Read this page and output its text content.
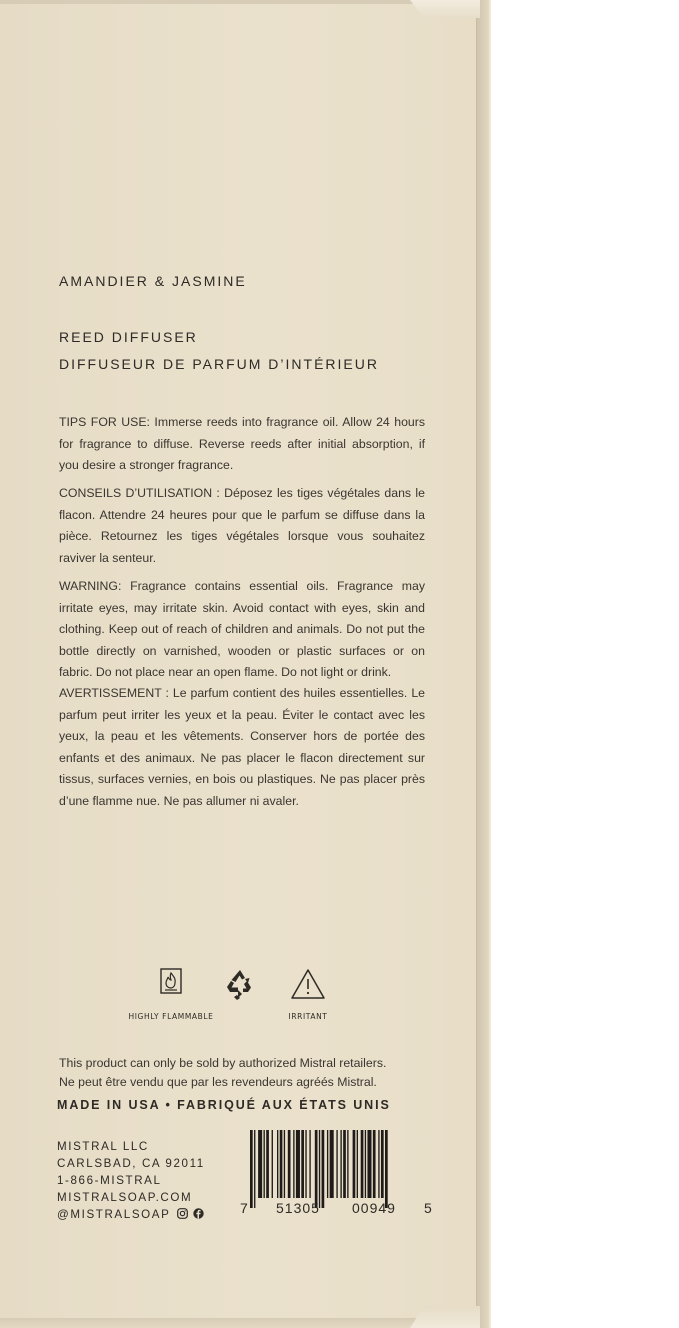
AMANDIER & JASMINE
REED DIFFUSER
DIFFUSEUR DE PARFUM D’INTÉRIEUR
TIPS FOR USE: Immerse reeds into fragrance oil. Allow 24 hours for fragrance to diffuse. Reverse reeds after initial absorption, if you desire a stronger fragrance.
CONSEILS D’UTILISATION : Déposez les tiges végétales dans le flacon. Attendre 24 heures pour que le parfum se diffuse dans la pièce. Retournez les tiges végétales lorsque vous souhaitez raviver la senteur.
WARNING: Fragrance contains essential oils. Fragrance may irritate eyes, may irritate skin. Avoid contact with eyes, skin and clothing. Keep out of reach of children and animals. Do not put the bottle directly on varnished, wooden or plastic surfaces or on fabric. Do not place near an open flame. Do not light or drink.
AVERTISSEMENT : Le parfum contient des huiles essentielles. Le parfum peut irriter les yeux et la peau. Éviter le contact avec les yeux, la peau et les vêtements. Conserver hors de portée des enfants et des animaux. Ne pas placer le flacon directement sur tissus, surfaces vernies, en bois ou plastiques. Ne pas placer près d’une flamme nue. Ne pas allumer ni avaler.
HIGHLY FLAMMABLE	IRRITANT
This product can only be sold by authorized Mistral retailers.
Ne peut être vendu que par les revendeurs agréés Mistral.
MADE IN USA • FABRIQUÉ AUX ÉTATS UNIS
MISTRAL LLC
CARLSBAD, CA 92011
1-866-MISTRAL
MISTRALSOAP.COM
@MISTRALSOAP	7 51305 00949 5
